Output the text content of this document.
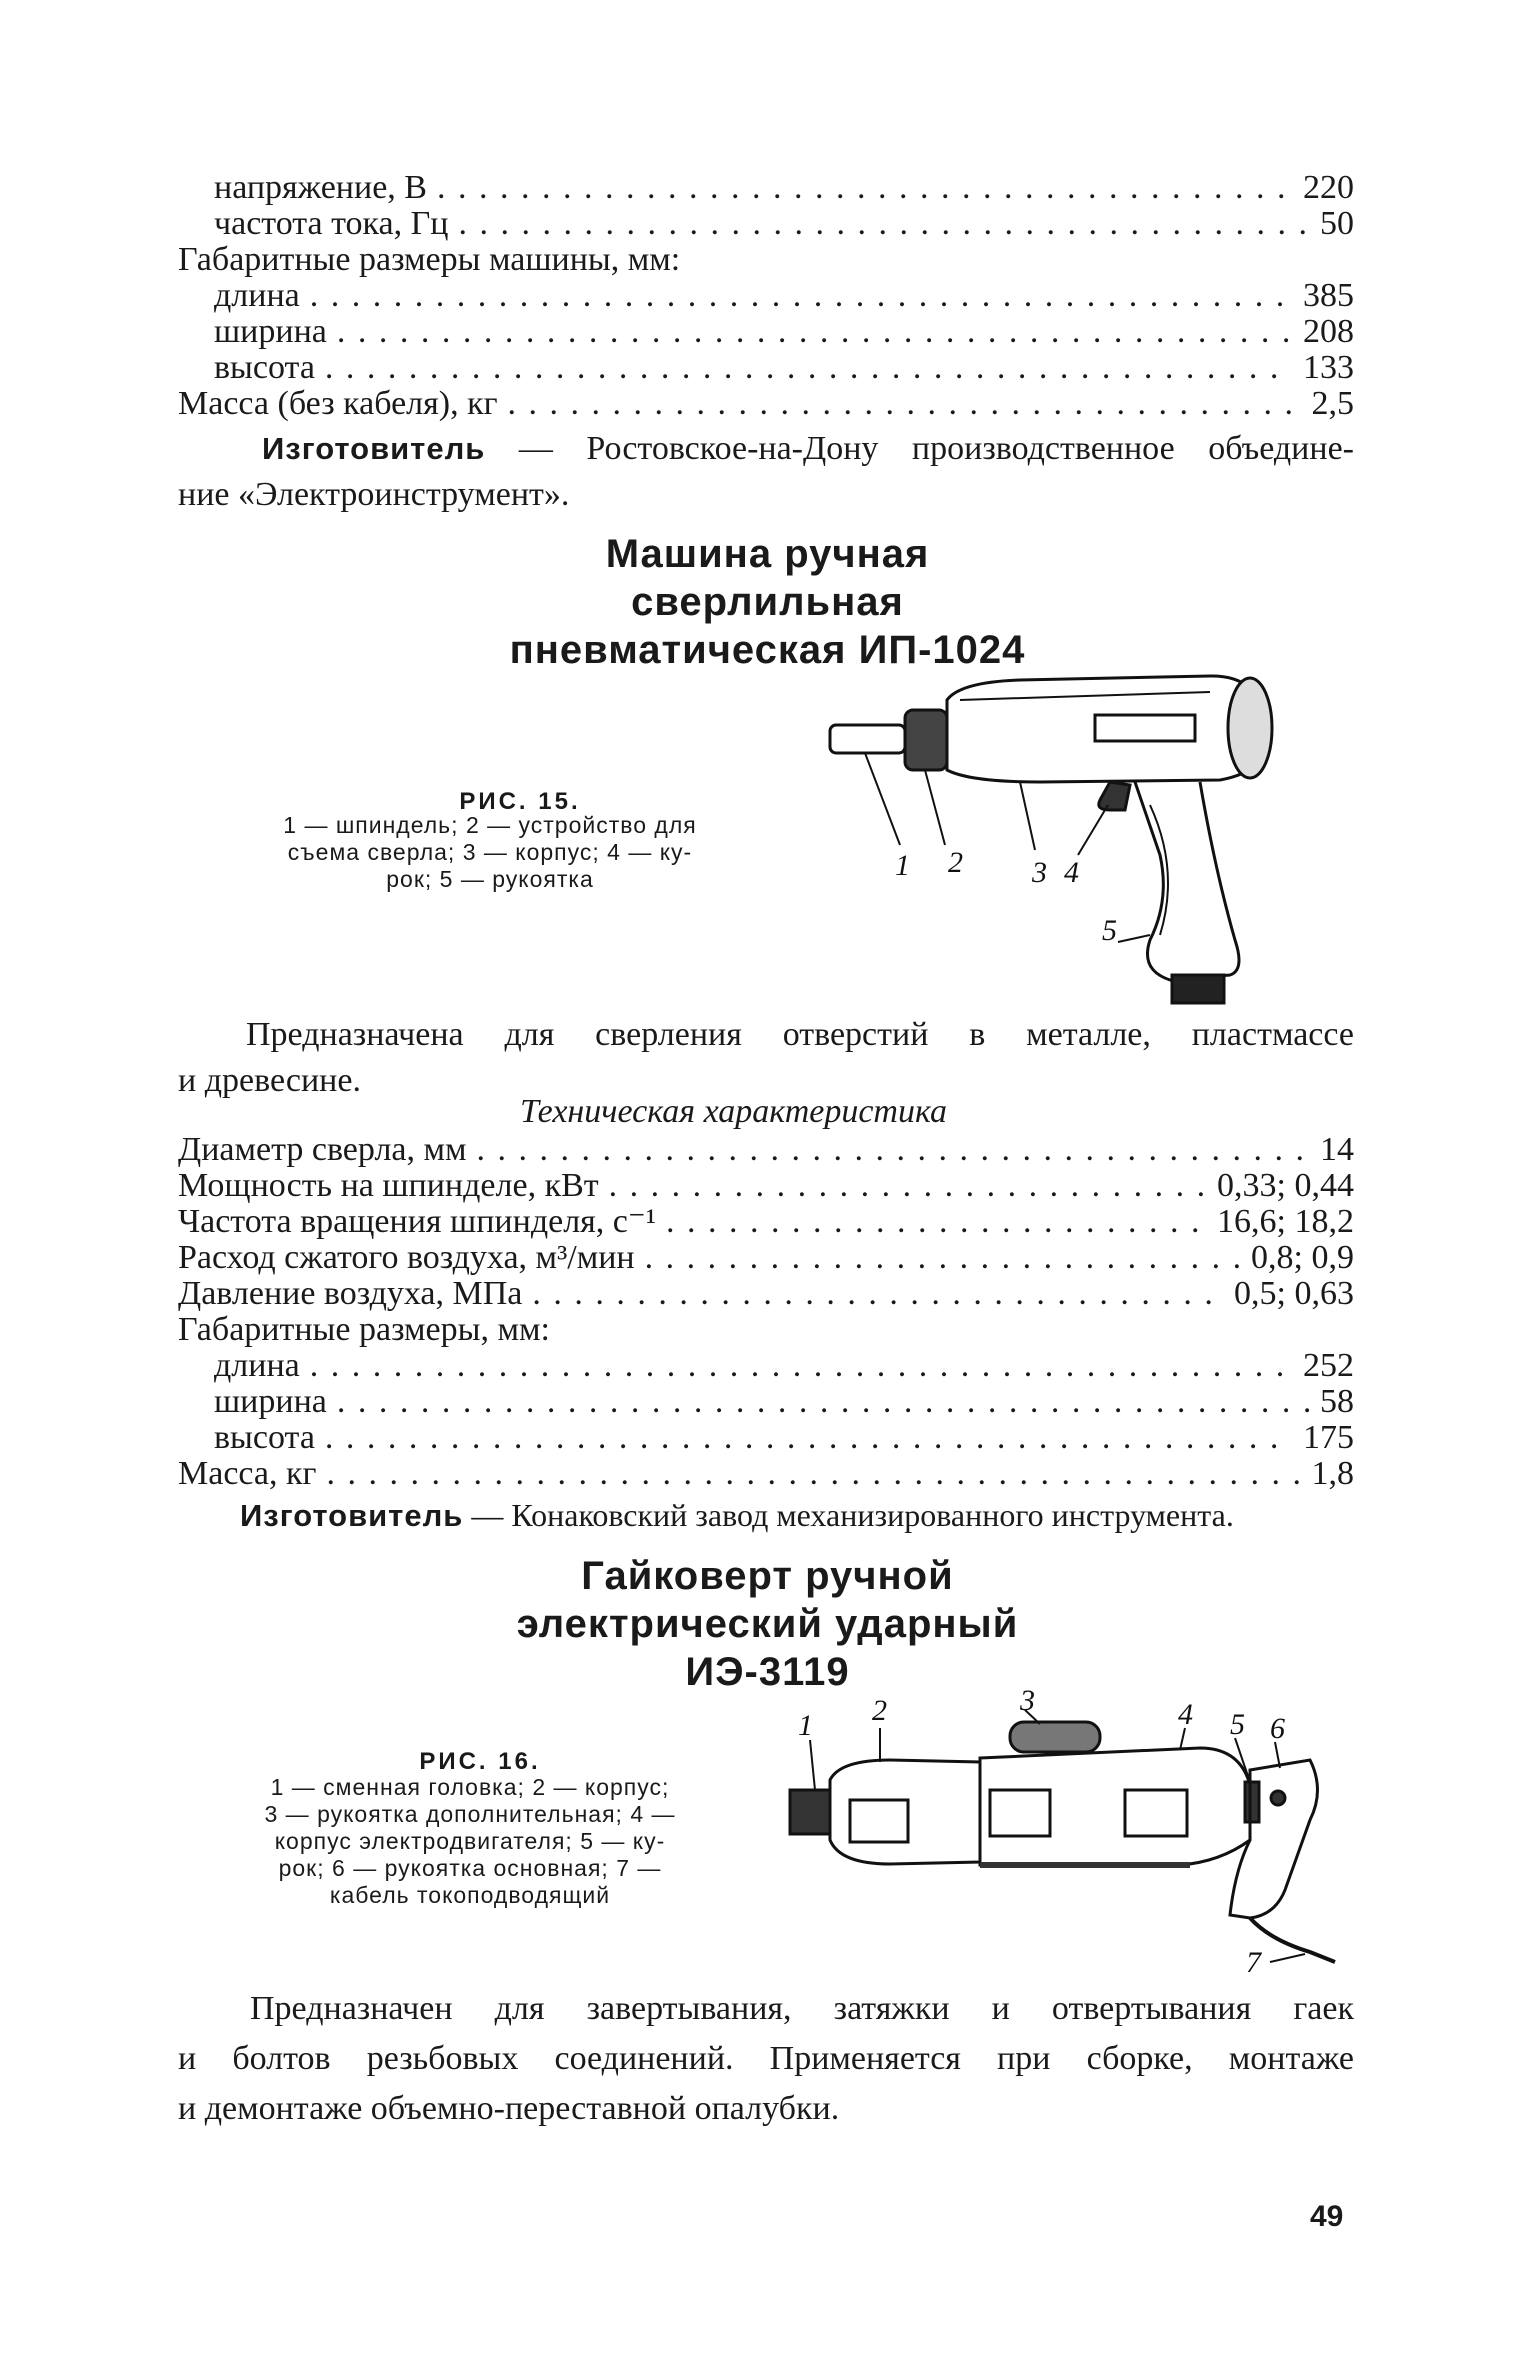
напряжение, В . . .	220
частота тока, Гц . . .	50
Габаритные размеры машины, мм:
длина . . .	385
ширина . . .	208
высота . . .	133
Масса (без кабеля), кг . . .	2,5
Изготовитель — Ростовское-на-Дону производственное объедине-
ние «Электроинструмент».
Машина ручная
сверлильная
пневматическая ИП-1024
РИС. 15.
1 — шпиндель; 2 — устройство для
съема сверла; 3 — корпус; 4 — ку-
рок; 5 — рукоятка	1 2 3 4
5
Предназначена для сверления отверстий в металле, пластмассе
и древесине.
Техническая характеристика
Диаметр сверла, мм . . .	14
Мощность на шпинделе, кВт . . .	0,33; 0,44
Частота вращения шпинделя, с⁻¹ . . .	16,6; 18,2
Расход сжатого воздуха, м³/мин . . .	0,8; 0,9
Давление воздуха, МПа . . .	0,5; 0,63
Габаритные размеры, мм:
длина . . .	252
ширина . . .	58
высота . . .	175
Масса, кг . . .	1,8
Изготовитель — Конаковский завод механизированного инструмента.
Гайковерт ручной
электрический ударный
ИЭ-3119
РИС. 16.
1 — сменная головка; 2 — корпус;
3 — рукоятка дополнительная; 4 —
корпус электродвигателя; 5 — ку-
рок; 6 — рукоятка основная; 7 —
кабель токоподводящий
1 2	3	4 5 6
7
Предназначен для завертывания, затяжки и отвертывания гаек
и болтов резьбовых соединений. Применяется при сборке, монтаже
и демонтаже объемно-переставной опалубки.
49
